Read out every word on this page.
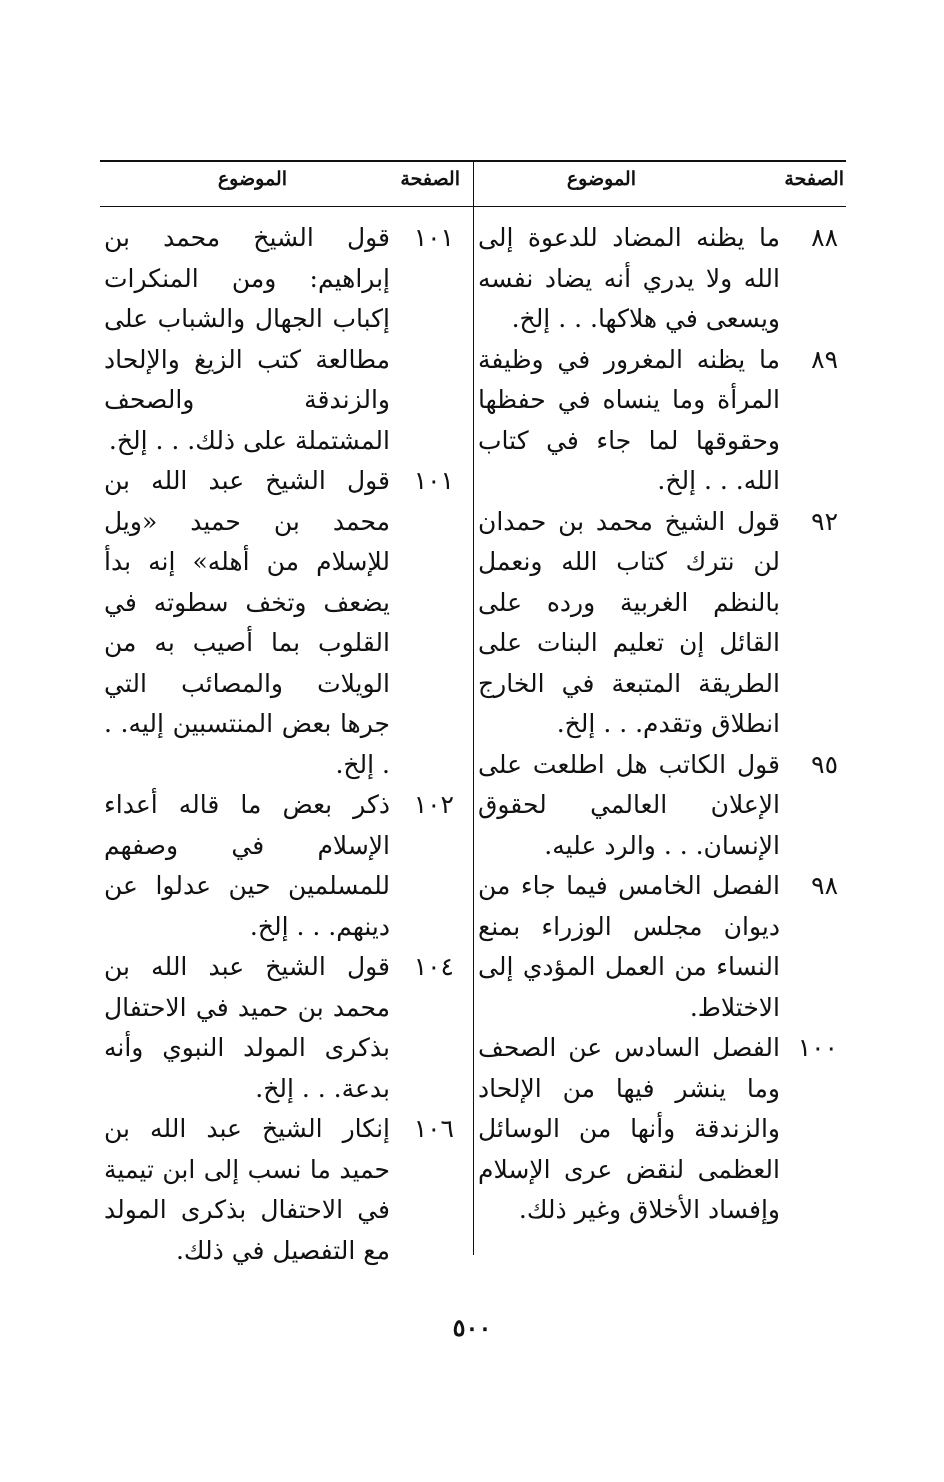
الصفحة
الموضوع
٨٨
ما يظنه المضاد للدعوة إلى الله ولا يدري أنه يضاد نفسه ويسعى في هلاكها. . . إلخ.
٨٩
ما يظنه المغرور في وظيفة المرأة وما ينساه في حفظها وحقوقها لما جاء في كتاب الله. . . إلخ.
٩٢
قول الشيخ محمد بن حمدان لن نترك كتاب الله ونعمل بالنظم الغربية ورده على القائل إن تعليم البنات على الطريقة المتبعة في الخارج انطلاق وتقدم. . . إلخ.
٩٥
قول الكاتب هل اطلعت على الإعلان العالمي لحقوق الإنسان. . . والرد عليه.
٩٨
الفصل الخامس فيما جاء من ديوان مجلس الوزراء بمنع النساء من العمل المؤدي إلى الاختلاط.
١٠٠
الفصل السادس عن الصحف وما ينشر فيها من الإلحاد والزندقة وأنها من الوسائل العظمى لنقض عرى الإسلام وإفساد الأخلاق وغير ذلك.
الصفحة
الموضوع
١٠١
قول الشيخ محمد بن إبراهيم: ومن المنكرات إكباب الجهال والشباب على مطالعة كتب الزيغ والإلحاد والزندقة والصحف المشتملة على ذلك. . . إلخ.
١٠١
قول الشيخ عبد الله بن محمد بن حميد «ويل للإسلام من أهله» إنه بدأ يضعف وتخف سطوته في القلوب بما أصيب به من الويلات والمصائب التي جرها بعض المنتسبين إليه. . . إلخ.
١٠٢
ذكر بعض ما قاله أعداء الإسلام في وصفهم للمسلمين حين عدلوا عن دينهم. . . إلخ.
١٠٤
قول الشيخ عبد الله بن محمد بن حميد في الاحتفال بذكرى المولد النبوي وأنه بدعة. . . إلخ.
١٠٦
إنكار الشيخ عبد الله بن حميد ما نسب إلى ابن تيمية في الاحتفال بذكرى المولد مع التفصيل في ذلك.
٥٠٠
